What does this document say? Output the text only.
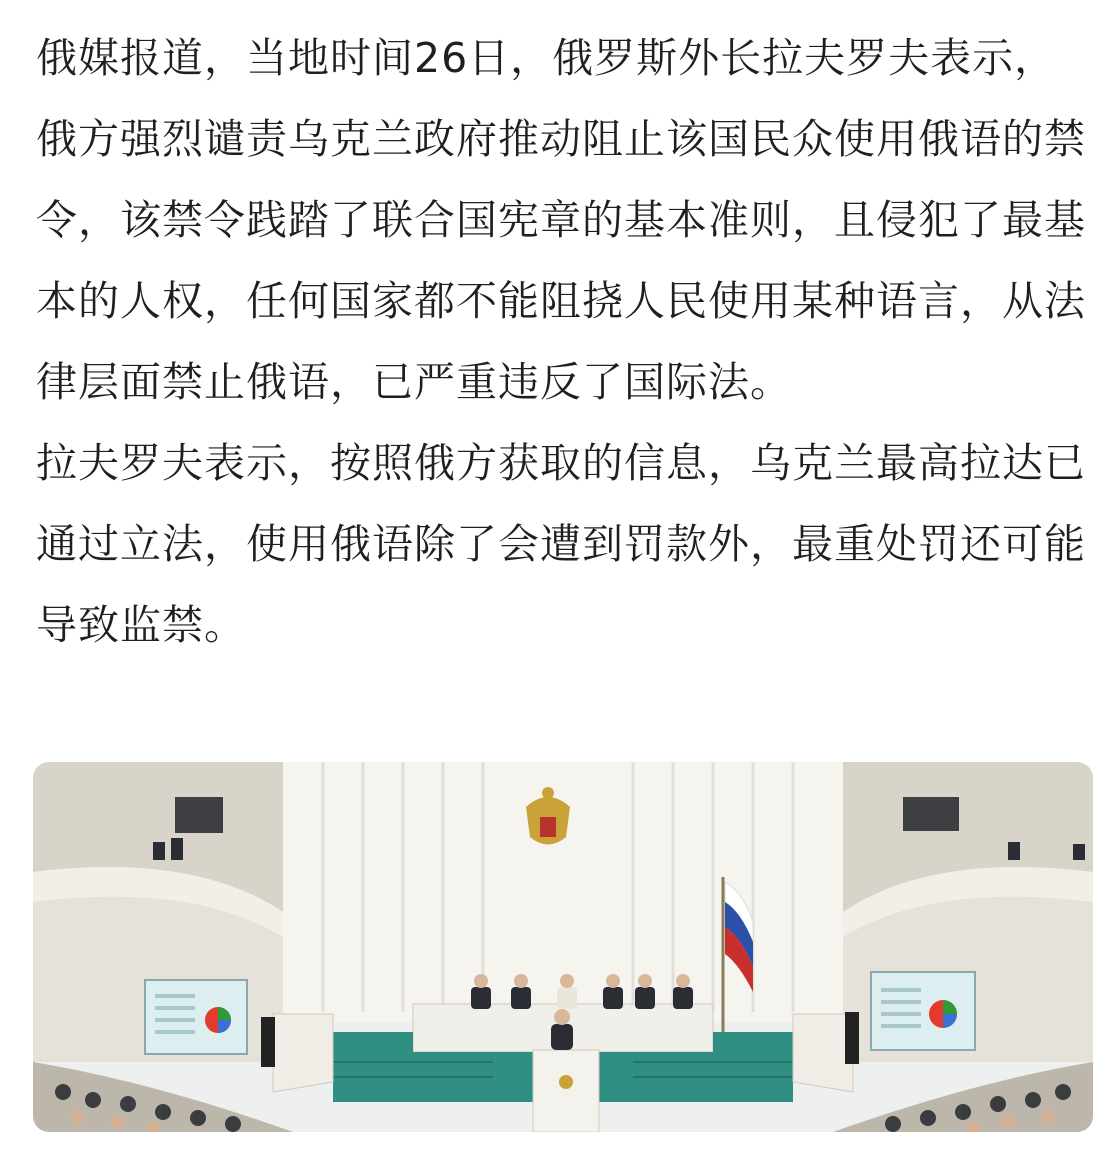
俄媒报道，当地时间26日，俄罗斯外长拉夫罗夫表示，俄方强烈谴责乌克兰政府推动阻止该国民众使用俄语的禁令，该禁令践踏了联合国宪章的基本准则，且侵犯了最基本的人权，任何国家都不能阻挠人民使用某种语言，从法律层面禁止俄语，已严重违反了国际法。

拉夫罗夫表示，按照俄方获取的信息，乌克兰最高拉达已通过立法，使用俄语除了会遭到罚款外，最重处罚还可能导致监禁。
